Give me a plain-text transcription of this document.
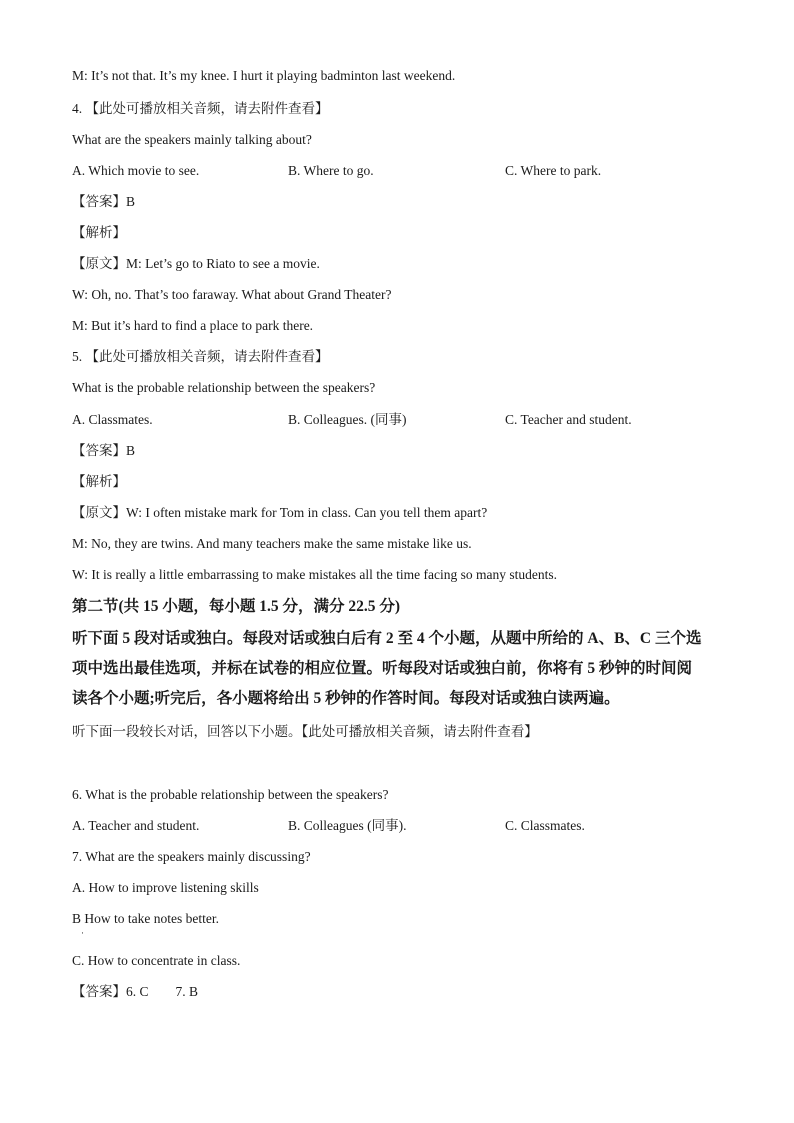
M: It’s not that. It’s my knee. I hurt it playing badminton last weekend.
4. 【此处可播放相关音频，请去附件查看】
What are the speakers mainly talking about?
A. Which movie to see.	B. Where to go.	C. Where to park.
【答案】B
【解析】
【原文】M: Let’s go to Riato to see a movie.
W: Oh, no. That’s too faraway. What about Grand Theater?
M: But it’s hard to find a place to park there.
5. 【此处可播放相关音频，请去附件查看】
What is the probable relationship between the speakers?
A. Classmates.	B. Colleagues. (同事)	C. Teacher and student.
【答案】B
【解析】
【原文】W: I often mistake mark for Tom in class. Can you tell them apart?
M: No, they are twins. And many teachers make the same mistake like us.
W: It is really a little embarrassing to make mistakes all the time facing so many students.
第二节(共 15 小题，每小题 1.5 分，满分 22.5 分)
听下面 5 段对话或独白。每段对话或独白后有 2 至 4 个小题，从题中所给的 A、B、C 三个选
项中选出最佳选项，并标在试卷的相应位置。听每段对话或独白前，你将有 5 秒钟的时间阅
读各个小题;听完后，各小题将给出 5 秒钟的作答时间。每段对话或独白读两遍。
听下面一段较长对话，回答以下小题。【此处可播放相关音频，请去附件查看】
6. What is the probable relationship between the speakers?
A. Teacher and student.	B. Colleagues (同事).	C. Classmates.
7. What are the speakers mainly discussing?
A. How to improve listening skills
B How to take notes better.
·
C. How to concentrate in class.
【答案】6. C        7. B
